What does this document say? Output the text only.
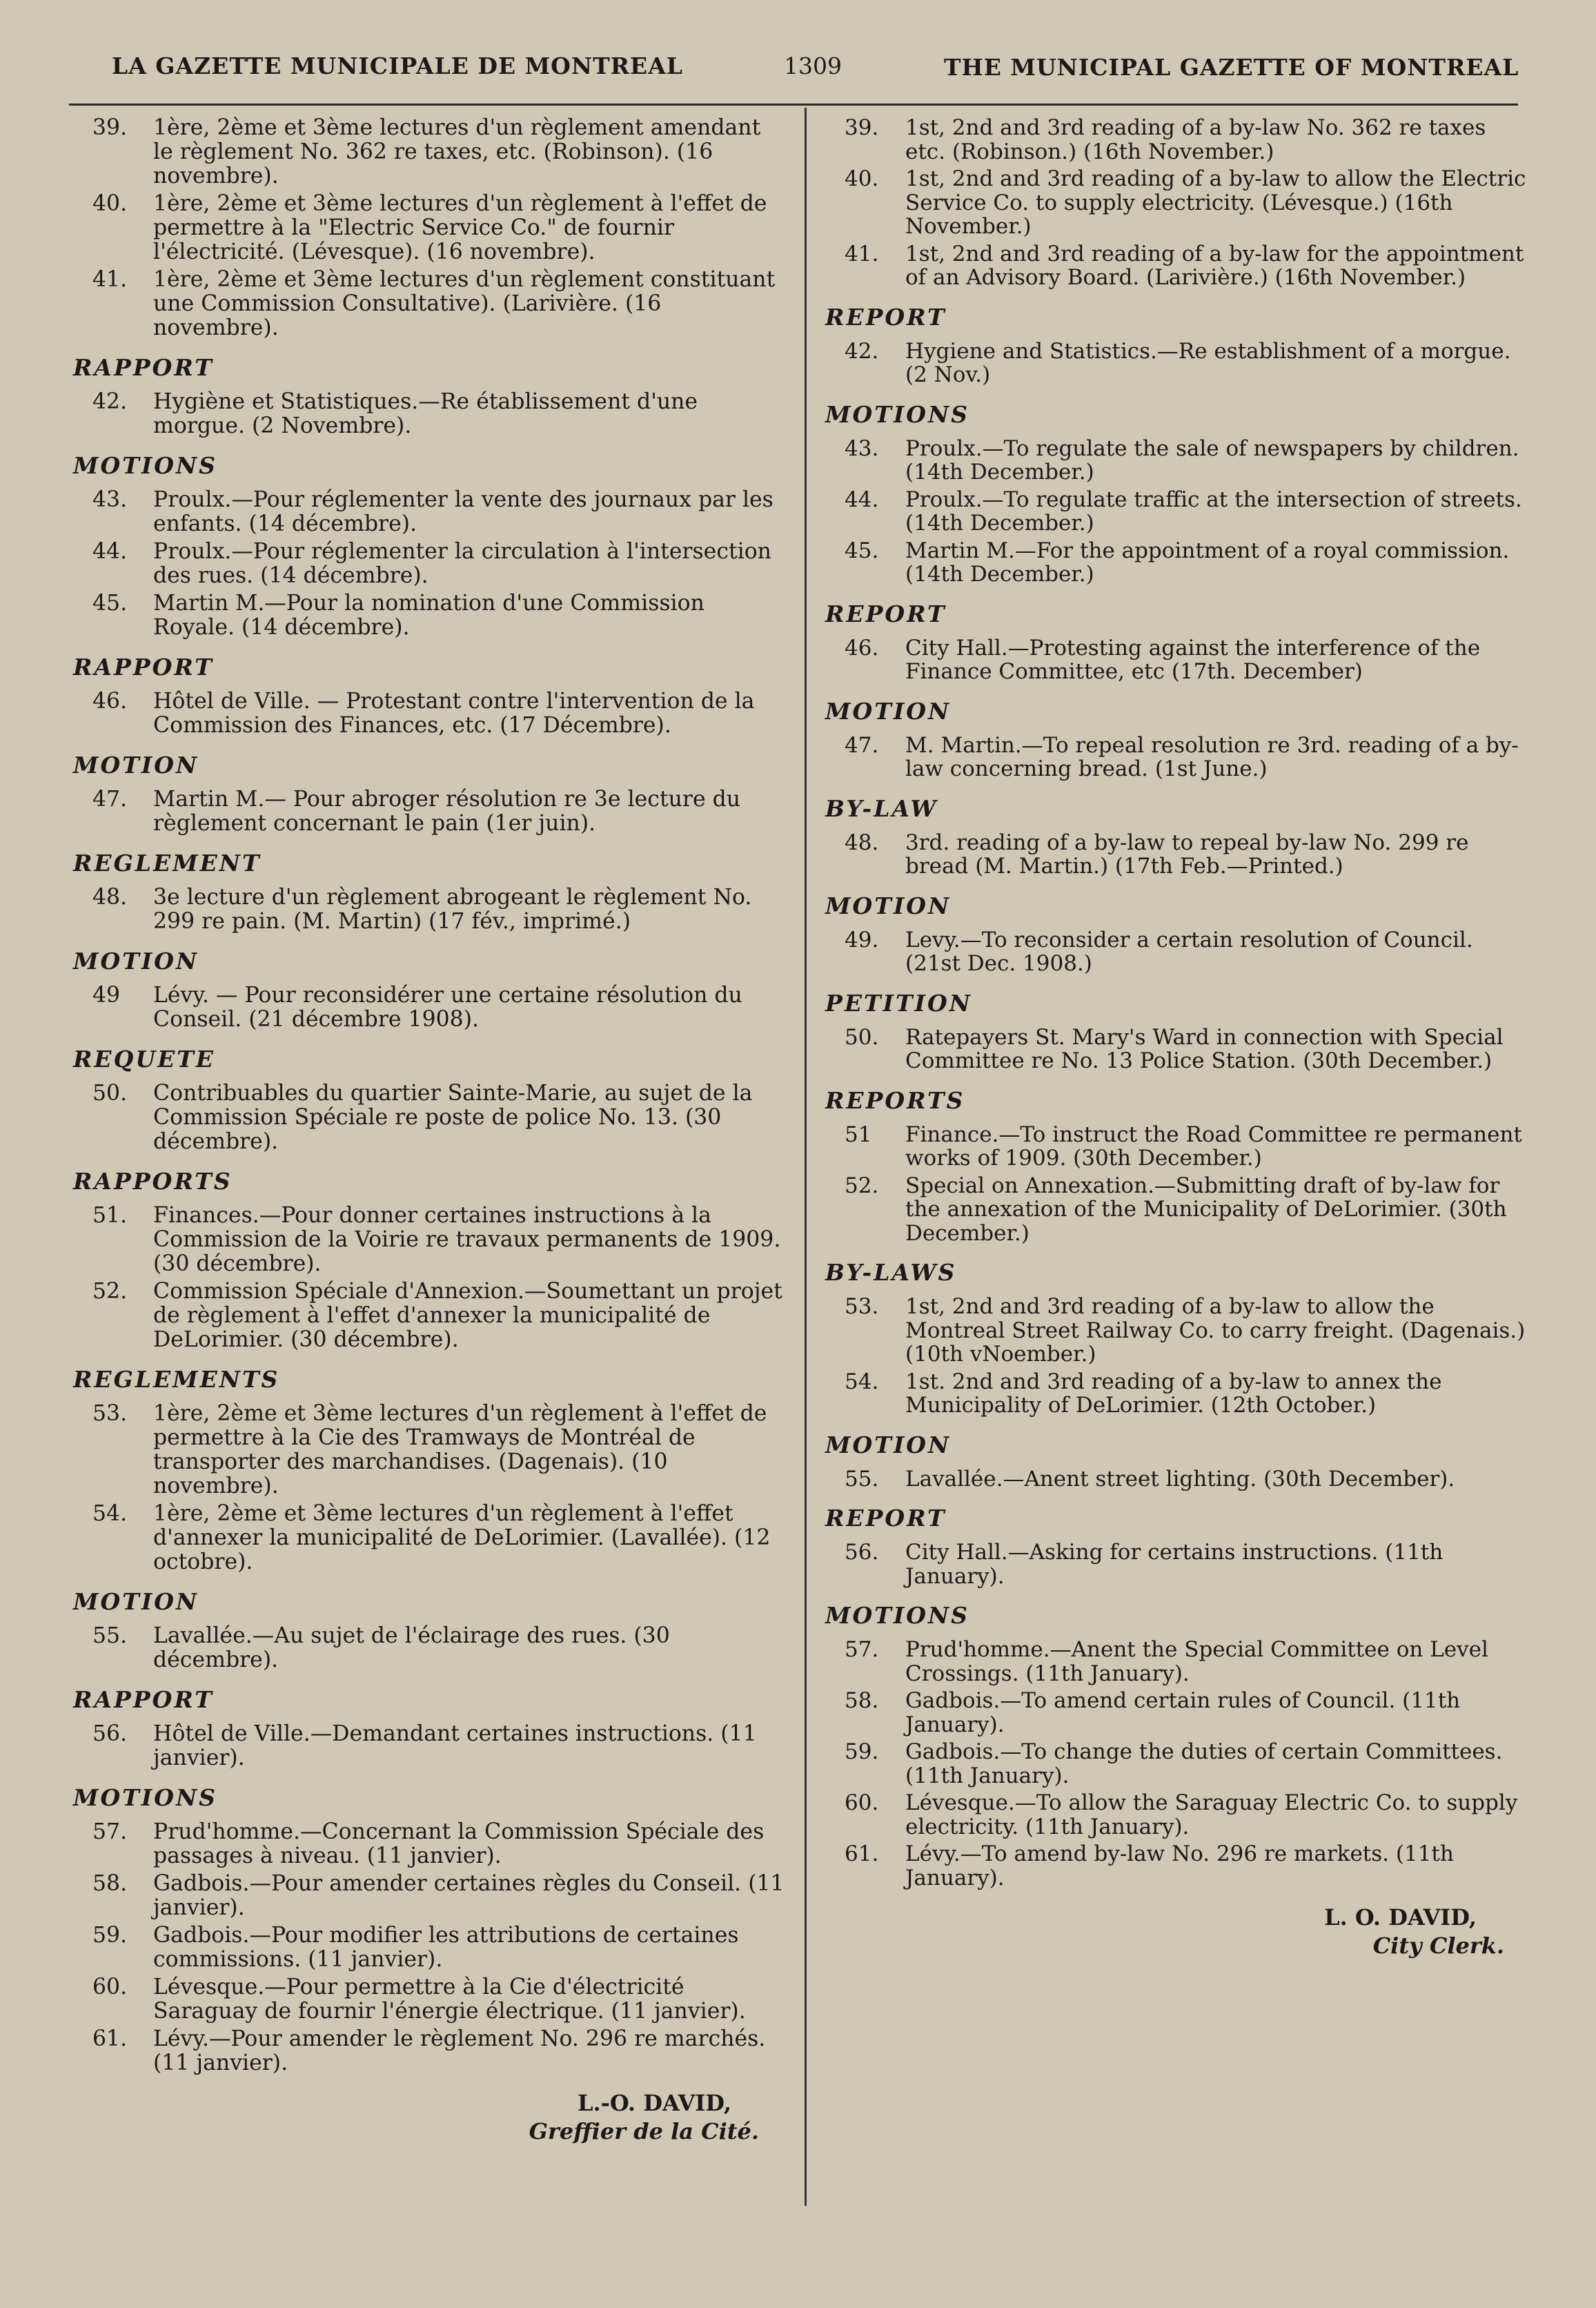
LA GAZETTE MUNICIPALE DE MONTREAL	1309	THE MUNICIPAL GAZETTE OF MONTREAL
39. 1ère, 2ème et 3ème lectures d'un règlement amendant le règlement No. 362 re taxes, etc. (Robinson). (16 novembre).
40. 1ère, 2ème et 3ème lectures d'un règlement à l'effet de permettre à la "Electric Service Co." de fournir l'électricité. (Lévesque). (16 novembre).
41. 1ère, 2ème et 3ème lectures d'un règlement constituant une Commission Consultative). (Larivière. (16 novembre).
RAPPORT
42. Hygiène et Statistiques.—Re établissement d'une morgue. (2 Novembre).
MOTIONS
43. Proulx.—Pour réglementer la vente des journaux par les enfants. (14 décembre).
44. Proulx.—Pour réglementer la circulation à l'intersection des rues. (14 décembre).
45. Martin M.—Pour la nomination d'une Commission Royale. (14 décembre).
RAPPORT
46. Hôtel de Ville. — Protestant contre l'intervention de la Commission des Finances, etc. (17 Décembre).
MOTION
47. Martin M.— Pour abroger résolution re 3e lecture du règlement concernant le pain (1er juin).
REGLEMENT
48. 3e lecture d'un règlement abrogeant le règlement No. 299 re pain. (M. Martin) (17 fév., imprimé.)
MOTION
49 Lévy. — Pour reconsidérer une certaine résolution du Conseil. (21 décembre 1908).
REQUETE
50. Contribuables du quartier Sainte-Marie, au sujet de la Commission Spéciale re poste de police No. 13. (30 décembre).
RAPPORTS
51. Finances.—Pour donner certaines instructions à la Commission de la Voirie re travaux permanents de 1909. (30 décembre).
52. Commission Spéciale d'Annexion.—Soumettant un projet de règlement à l'effet d'annexer la municipalité de DeLorimier. (30 décembre).
REGLEMENTS
53. 1ère, 2ème et 3ème lectures d'un règlement à l'effet de permettre à la Cie des Tramways de Montréal de transporter des marchandises. (Dagenais). (10 novembre).
54. 1ère, 2ème et 3ème lectures d'un règlement à l'effet d'annexer la municipalité de DeLorimier. (Lavallée). (12 octobre).
MOTION
55. Lavallée.—Au sujet de l'éclairage des rues. (30 décembre).
RAPPORT
56. Hôtel de Ville.—Demandant certaines instructions. (11 janvier).
MOTIONS
57. Prud'homme.—Concernant la Commission Spéciale des passages à niveau. (11 janvier).
58. Gadbois.—Pour amender certaines règles du Conseil. (11 janvier).
59. Gadbois.—Pour modifier les attributions de certaines commissions. (11 janvier).
60. Lévesque.—Pour permettre à la Cie d'électricité Saraguay de fournir l'énergie électrique. (11 janvier).
61. Lévy.—Pour amender le règlement No. 296 re marchés. (11 janvier).
L.-O. DAVID,
Greffier de la Cité.
39. 1st, 2nd and 3rd reading of a by-law No. 362 re taxes etc. (Robinson.) (16th November.)
40. 1st, 2nd and 3rd reading of a by-law to allow the Electric Service Co. to supply electricity. (Lévesque.) (16th November.)
41. 1st, 2nd and 3rd reading of a by-law for the appointment of an Advisory Board. (Larivière.) (16th November.)
REPORT
42. Hygiene and Statistics.—Re establishment of a morgue. (2 Nov.)
MOTIONS
43. Proulx.—To regulate the sale of newspapers by children. (14th December.)
44. Proulx.—To regulate traffic at the intersection of streets. (14th December.)
45. Martin M.—For the appointment of a royal commission. (14th December.)
REPORT
46. City Hall.—Protesting against the interference of the Finance Committee, etc (17th. December)
MOTION
47. M. Martin.—To repeal resolution re 3rd. reading of a by-law concerning bread. (1st June.)
BY-LAW
48. 3rd. reading of a by-law to repeal by-law No. 299 re bread (M. Martin.) (17th Feb.—Printed.)
MOTION
49. Levy.—To reconsider a certain resolution of Council. (21st Dec. 1908.)
PETITION
50. Ratepayers St. Mary's Ward in connection with Special Committee re No. 13 Police Station. (30th December.)
REPORTS
51 Finance.—To instruct the Road Committee re permanent works of 1909. (30th December.)
52. Special on Annexation.—Submitting draft of by-law for the annexation of the Municipality of DeLorimier. (30th December.)
BY-LAWS
53. 1st, 2nd and 3rd reading of a by-law to allow the Montreal Street Railway Co. to carry freight. (Dagenais.) (10th vNoember.)
54. 1st. 2nd and 3rd reading of a by-law to annex the Municipality of DeLorimier. (12th October.)
MOTION
55. Lavallée.—Anent street lighting. (30th December).
REPORT
56. City Hall.—Asking for certains instructions. (11th January).
MOTIONS
57. Prud'homme.—Anent the Special Committee on Level Crossings. (11th January).
58. Gadbois.—To amend certain rules of Council. (11th January).
59. Gadbois.—To change the duties of certain Committees. (11th January).
60. Lévesque.—To allow the Saraguay Electric Co. to supply electricity. (11th January).
61. Lévy.—To amend by-law No. 296 re markets. (11th January).
L. O. DAVID,
City Clerk.
